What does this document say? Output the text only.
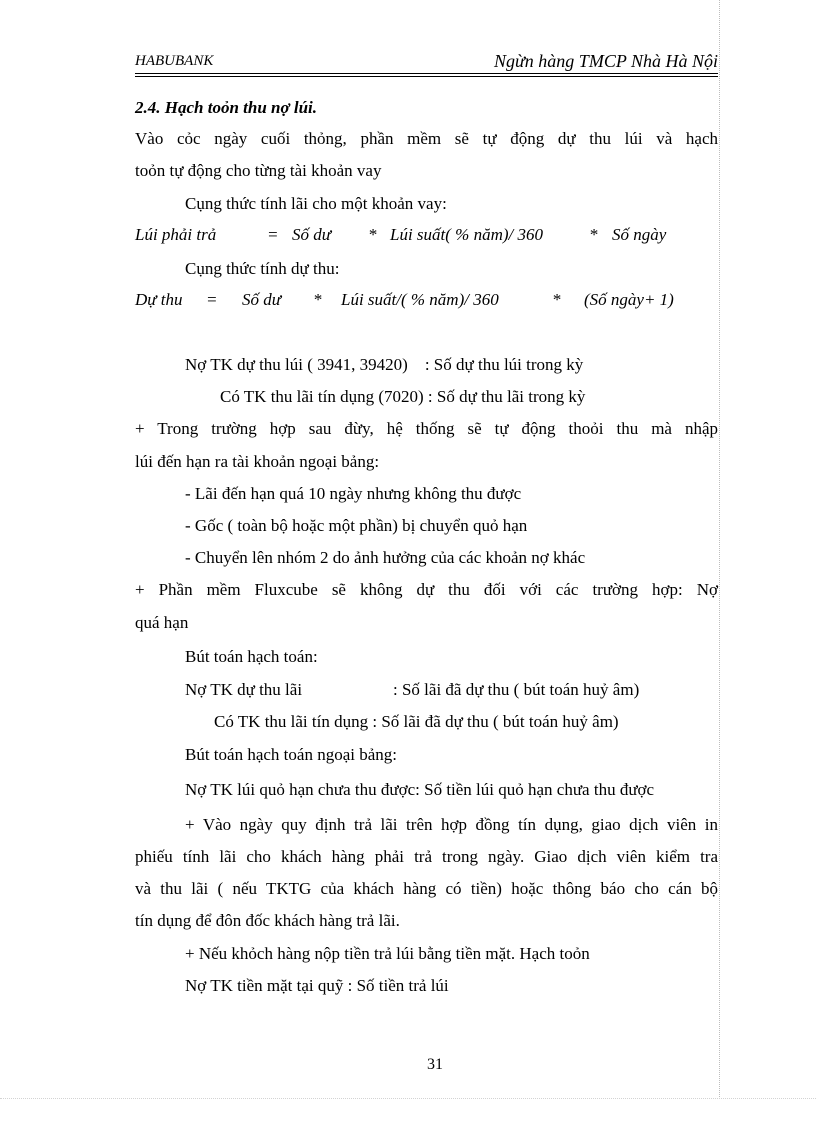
HABUBANK	Ngừn hàng TMCP Nhà Hà Nội
2.4. Hạch toỏn thu nợ lúi.
Vào cỏc ngày cuối thỏng, phần mềm sẽ tự động dự thu lúi và hạch
toỏn tự động cho từng tài khoản vay
Cụng thức tính lãi cho một khoản vay:
Lúi phải trả	= Số dư * Lúi suất( % năm)/ 360	* Số ngày
Cụng thức tính dự thu:
Dự thu = Số dư * Lúi suất/( % năm)/ 360	* (Số ngày+ 1)
Nợ TK dự thu lúi ( 3941, 39420)    : Số dự thu lúi trong kỳ
Có TK thu lãi tín dụng (7020) : Số dự thu lãi trong kỳ
+ Trong trường hợp sau đừy, hệ thống sẽ tự động thoỏi thu mà nhập
lúi đến hạn ra tài khoản ngoại bảng:
- Lãi đến hạn quá 10 ngày nhưng không thu được
- Gốc ( toàn bộ hoặc một phần) bị chuyển quỏ hạn
- Chuyển lên nhóm 2 do ảnh hưởng của các khoản nợ khác
+ Phần mềm Fluxcube sẽ không dự thu đối với các trường hợp: Nợ
quá hạn
Bút toán hạch toán:
Nợ TK dự thu lãi	: Số lãi đã dự thu ( bút toán huỷ âm)
Có TK thu lãi tín dụng : Số lãi đã dự thu ( bút toán huỷ âm)
Bút toán hạch toán ngoại bảng:
Nợ TK lúi quỏ hạn chưa thu được: Số tiền lúi quỏ hạn chưa thu được
+ Vào ngày quy định trả lãi trên hợp đồng tín dụng, giao dịch viên in
phiếu tính lãi cho khách hàng phải trả trong ngày. Giao dịch viên kiểm tra
và thu lãi ( nếu TKTG của khách hàng có tiền) hoặc thông báo cho cán bộ
tín dụng để đôn đốc khách hàng trả lãi.
+ Nếu khỏch hàng nộp tiền trả lúi bằng tiền mặt. Hạch toỏn
Nợ TK tiền mặt tại quỹ : Số tiền trả lúi
31
